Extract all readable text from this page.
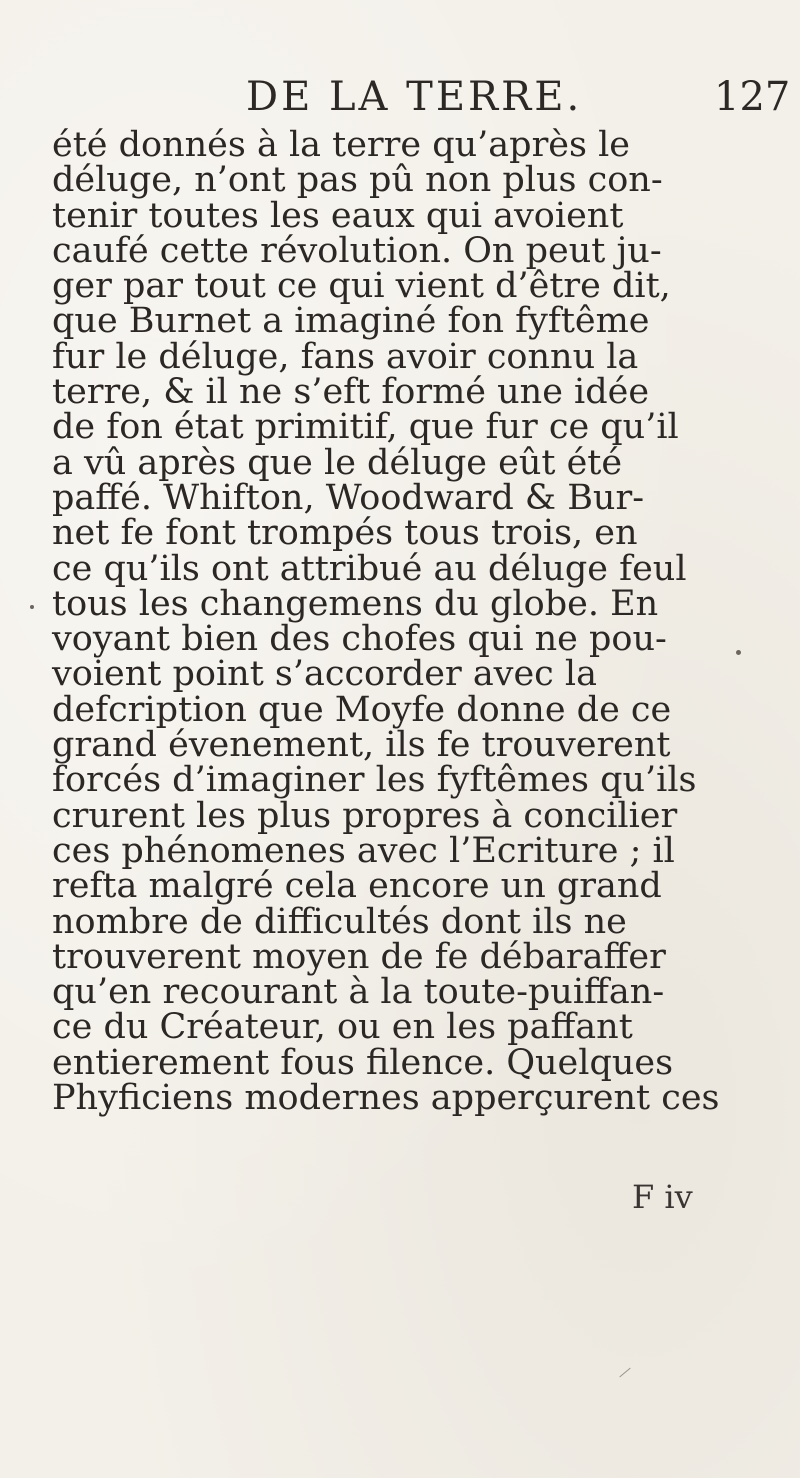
DE LA TERRE.	127
été donnés à la terre qu’après le
déluge, n’ont pas pû non plus con-
tenir toutes les eaux qui avoient
caufé cette révolution. On peut ju-
ger par tout ce qui vient d’être dit,
que Burnet a imaginé fon fyftême
fur le déluge, fans avoir connu la
terre, & il ne s’eft formé une idée
de fon état primitif, que fur ce qu’il
a vû après que le déluge eût été
paffé. Whifton, Woodward & Bur-
net fe font trompés tous trois, en
ce qu’ils ont attribué au déluge feul
tous les changemens du globe. En
voyant bien des chofes qui ne pou-
voient point s’accorder avec la
defcription que Moyfe donne de ce
grand évenement, ils fe trouverent
forcés d’imaginer les fyftêmes qu’ils
crurent les plus propres à concilier
ces phénomenes avec l’Ecriture ; il
refta malgré cela encore un grand
nombre de difficultés dont ils ne
trouverent moyen de fe débaraffer
qu’en recourant à la toute-puiffan-
ce du Créateur, ou en les paffant
entierement fous filence. Quelques
Phyficiens modernes apperçurent ces
F iv
